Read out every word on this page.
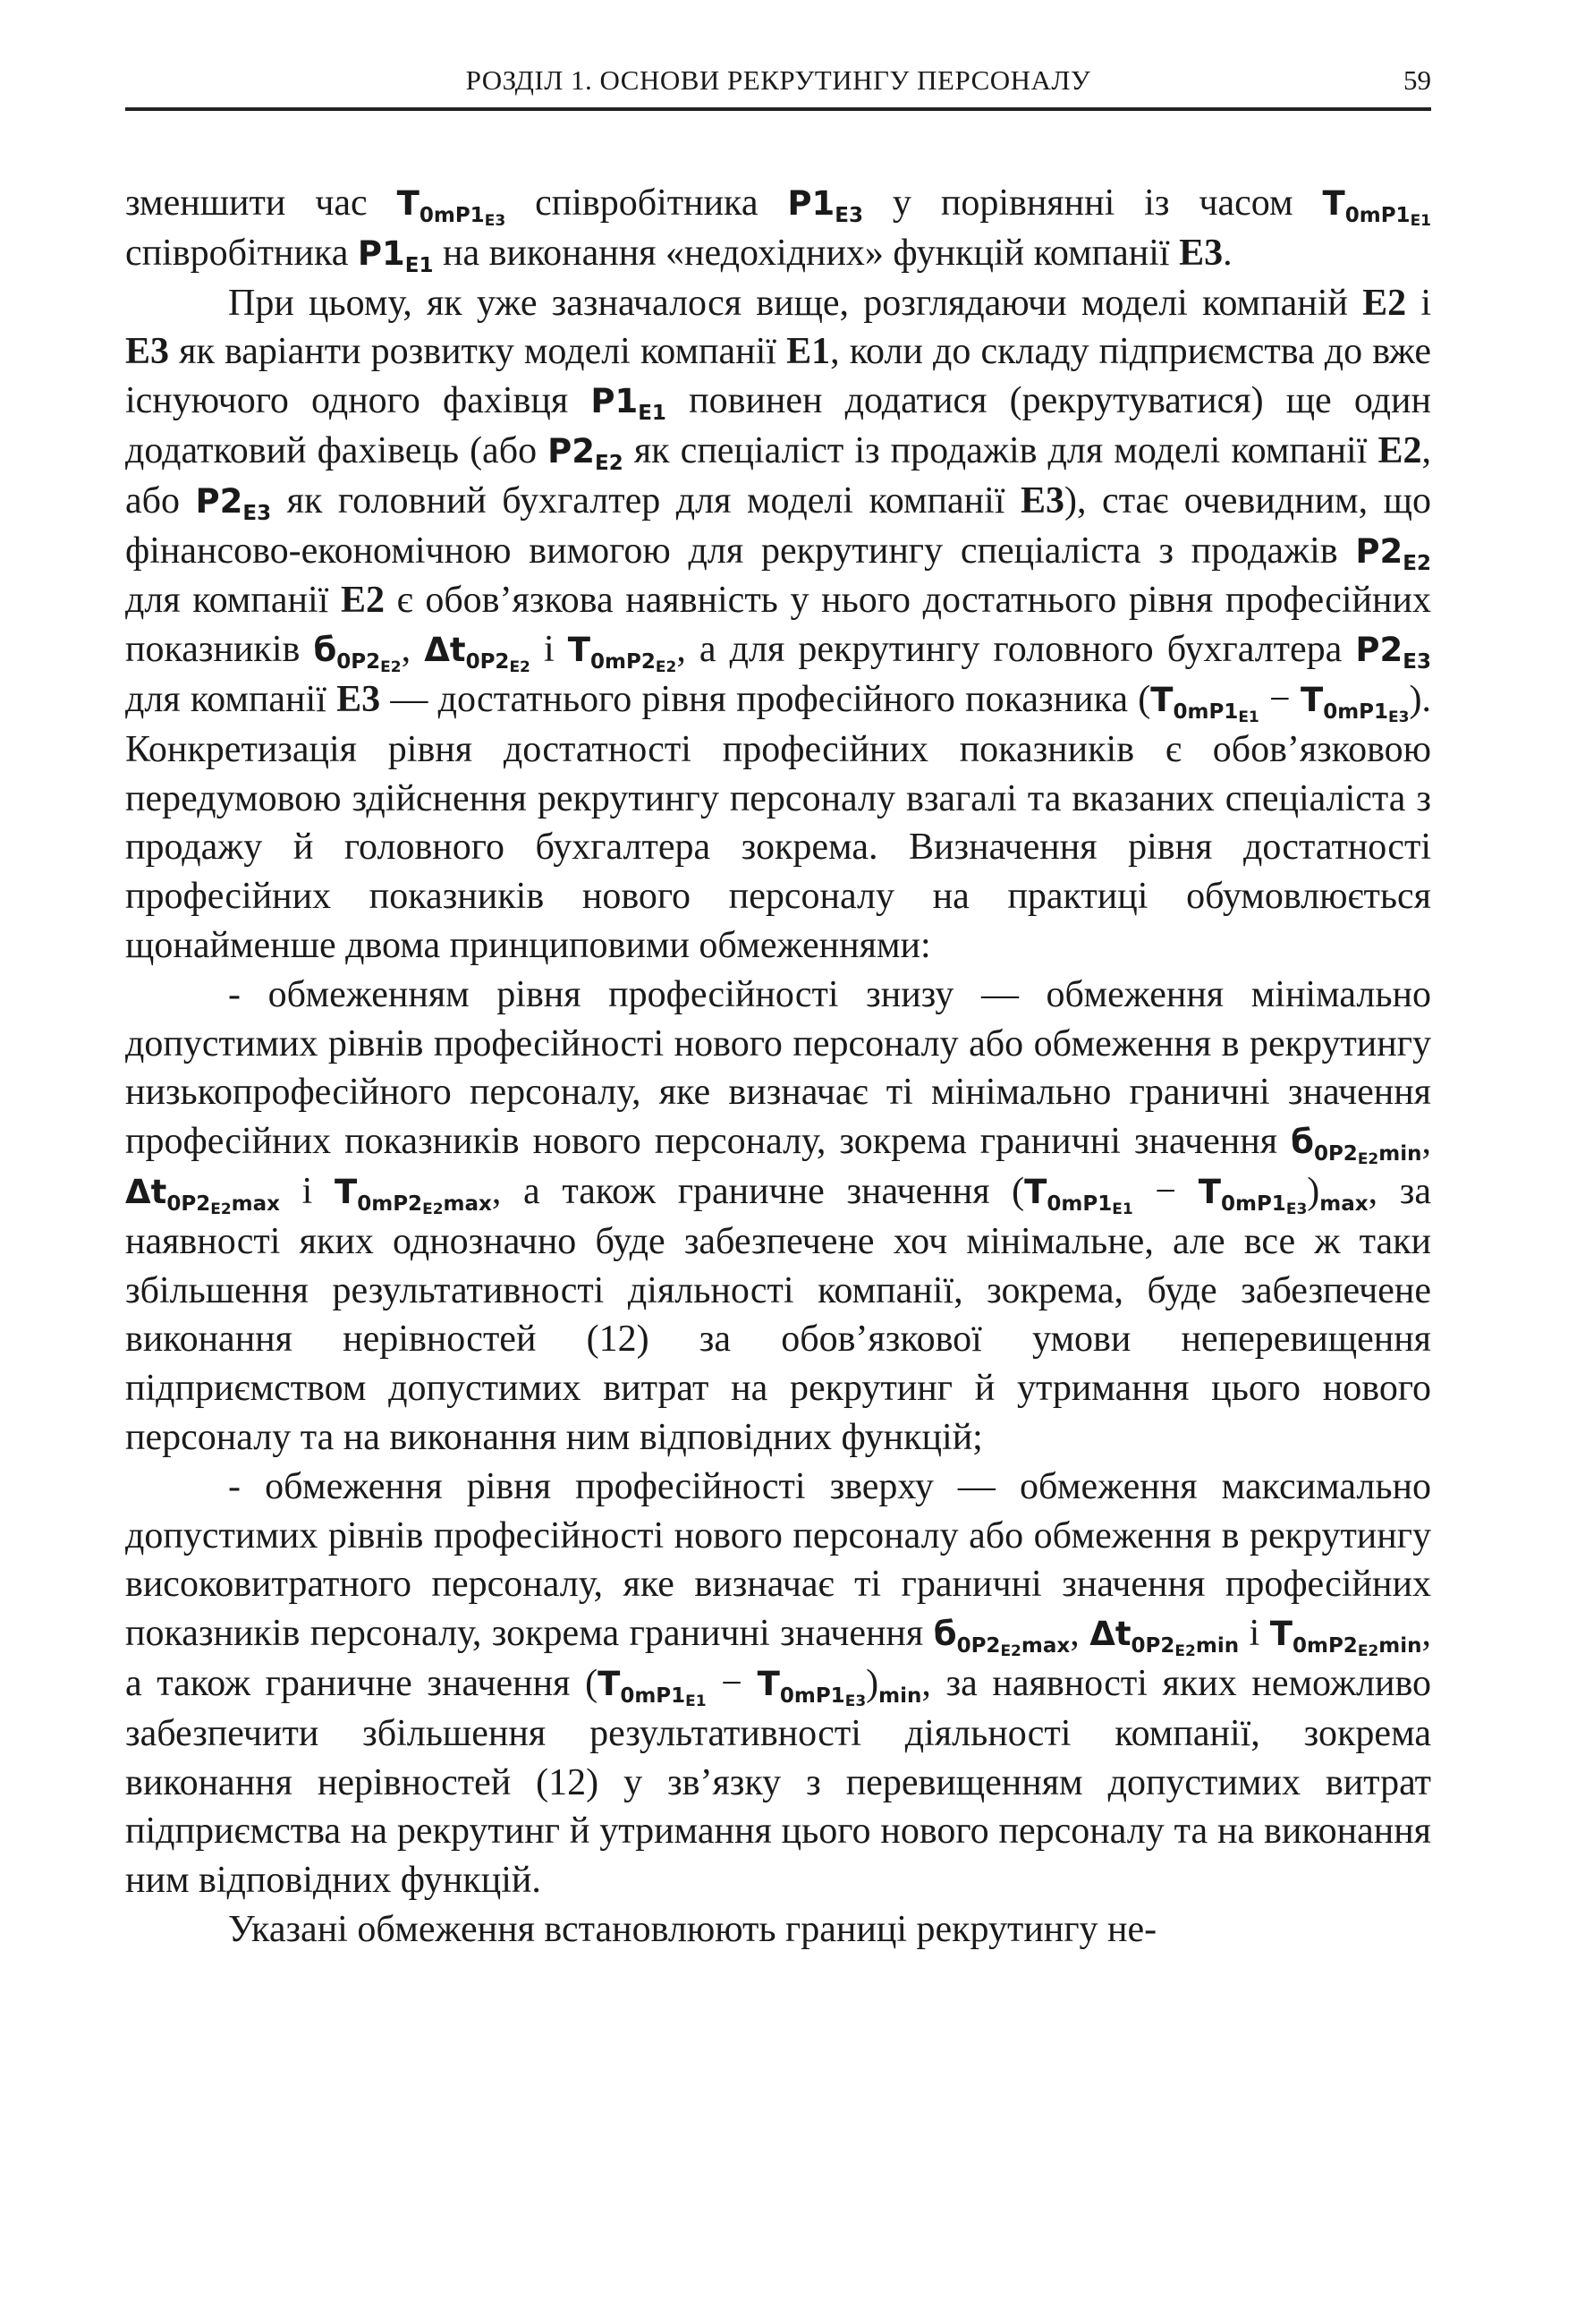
РОЗДІЛ 1. ОСНОВИ РЕКРУТИНГУ ПЕРСОНАЛУ	59

зменшити час $T_{0mP1_{E3}}$ співробітника $P1_{E3}$ у порівнянні із часом $T_{0mP1_{E1}}$ співробітника $P1_{E1}$ на виконання «недохідних» функцій компанії Е3.

При цьому, як уже зазначалося вище, розглядаючи моделі компаній Е2 і Е3 як варіанти розвитку моделі компанії Е1, коли до складу підприємства до вже існуючого одного фахівця $P1_{E1}$ повинен додатися (рекрутуватися) ще один додатковий фахівець (або $P2_{E2}$ як спеціаліст із продажів для моделі компанії Е2, або $P2_{E3}$ як головний бухгалтер для моделі компанії Е3), стає очевидним, що фінансово-економічною вимогою для рекрутингу спеціаліста з продажів $P2_{E2}$ для компанії Е2 є обов’язкова наявність у нього достатнього рівня професійних показників $б_{0P2_{E2}}$, $\Delta t_{0P2_{E2}}$ і $T_{0mP2_{E2}}$, а для рекрутингу головного бухгалтера $P2_{E3}$ для компанії Е3 — достатнього рівня професійного показника $(T_{0mP1_{E1}} - T_{0mP1_{E3}})$. Конкретизація рівня достатності професійних показників є обов’язковою передумовою здійснення рекрутингу персоналу взагалі та вказаних спеціаліста з продажу й головного бухгалтера зокрема. Визначення рівня достатності професійних показників нового персоналу на практиці обумовлюється щонайменше двома принциповими обмеженнями:

- обмеженням рівня професійності знизу — обмеження мінімально допустимих рівнів професійності нового персоналу або обмеження в рекрутингу низькопрофесійного персоналу, яке визначає ті мінімально граничні значення професійних показників нового персоналу, зокрема граничні значення $б_{0P2_{E2}min}$, $\Delta t_{0P2_{E2}max}$ і $T_{0mP2_{E2}max}$, а також граничне значення $(T_{0mP1_{E1}} - T_{0mP1_{E3}})_{max}$, за наявності яких однозначно буде забезпечене хоч мінімальне, але все ж таки збільшення результативності діяльності компанії, зокрема, буде забезпечене виконання нерівностей (12) за обов’язкової умови неперевищення підприємством допустимих витрат на рекрутинг й утримання цього нового персоналу та на виконання ним відповідних функцій;

- обмеження рівня професійності зверху — обмеження максимально допустимих рівнів професійності нового персоналу або обмеження в рекрутингу високовитратного персоналу, яке визначає ті граничні значення професійних показників персоналу, зокрема граничні значення $б_{0P2_{E2}max}$, $\Delta t_{0P2_{E2}min}$ і $T_{0mP2_{E2}min}$, а також граничне значення $(T_{0mP1_{E1}} - T_{0mP1_{E3}})_{min}$, за наявності яких неможливо забезпечити збільшення результативності діяльності компанії, зокрема виконання нерівностей (12) у зв’язку з перевищенням допустимих витрат підприємства на рекрутинг й утримання цього нового персоналу та на виконання ним відповідних функцій.

Указані обмеження встановлюють границі рекрутингу не-
